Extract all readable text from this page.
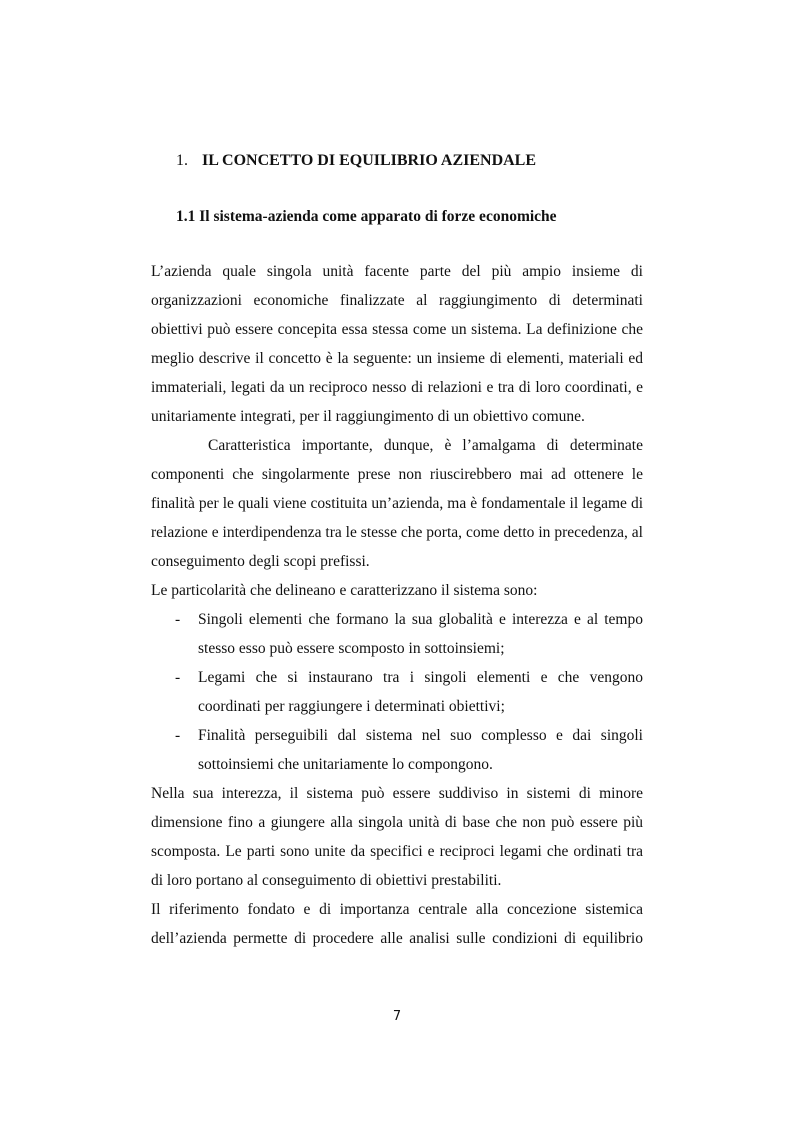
1. IL CONCETTO DI EQUILIBRIO AZIENDALE
1.1 Il sistema-azienda come apparato di forze economiche

L’azienda quale singola unità facente parte del più ampio insieme di organizzazioni economiche finalizzate al raggiungimento di determinati obiettivi può essere concepita essa stessa come un sistema. La definizione che meglio descrive il concetto è la seguente: un insieme di elementi, materiali ed immateriali, legati da un reciproco nesso di relazioni e tra di loro coordinati, e unitariamente integrati, per il raggiungimento di un obiettivo comune.

Caratteristica importante, dunque, è l’amalgama di determinate componenti che singolarmente prese non riuscirebbero mai ad ottenere le finalità per le quali viene costituita un’azienda, ma è fondamentale il legame di relazione e interdipendenza tra le stesse che porta, come detto in precedenza, al conseguimento degli scopi prefissi.

Le particolarità che delineano e caratterizzano il sistema sono:

- Singoli elementi che formano la sua globalità e interezza e al tempo stesso esso può essere scomposto in sottoinsiemi;
- Legami che si instaurano tra i singoli elementi e che vengono coordinati per raggiungere i determinati obiettivi;
- Finalità perseguibili dal sistema nel suo complesso e dai singoli sottoinsiemi che unitariamente lo compongono.

Nella sua interezza, il sistema può essere suddiviso in sistemi di minore dimensione fino a giungere alla singola unità di base che non può essere più scomposta. Le parti sono unite da specifici e reciproci legami che ordinati tra di loro portano al conseguimento di obiettivi prestabiliti.

Il riferimento fondato e di importanza centrale alla concezione sistemica dell’azienda permette di procedere alle analisi sulle condizioni di equilibrio

7
